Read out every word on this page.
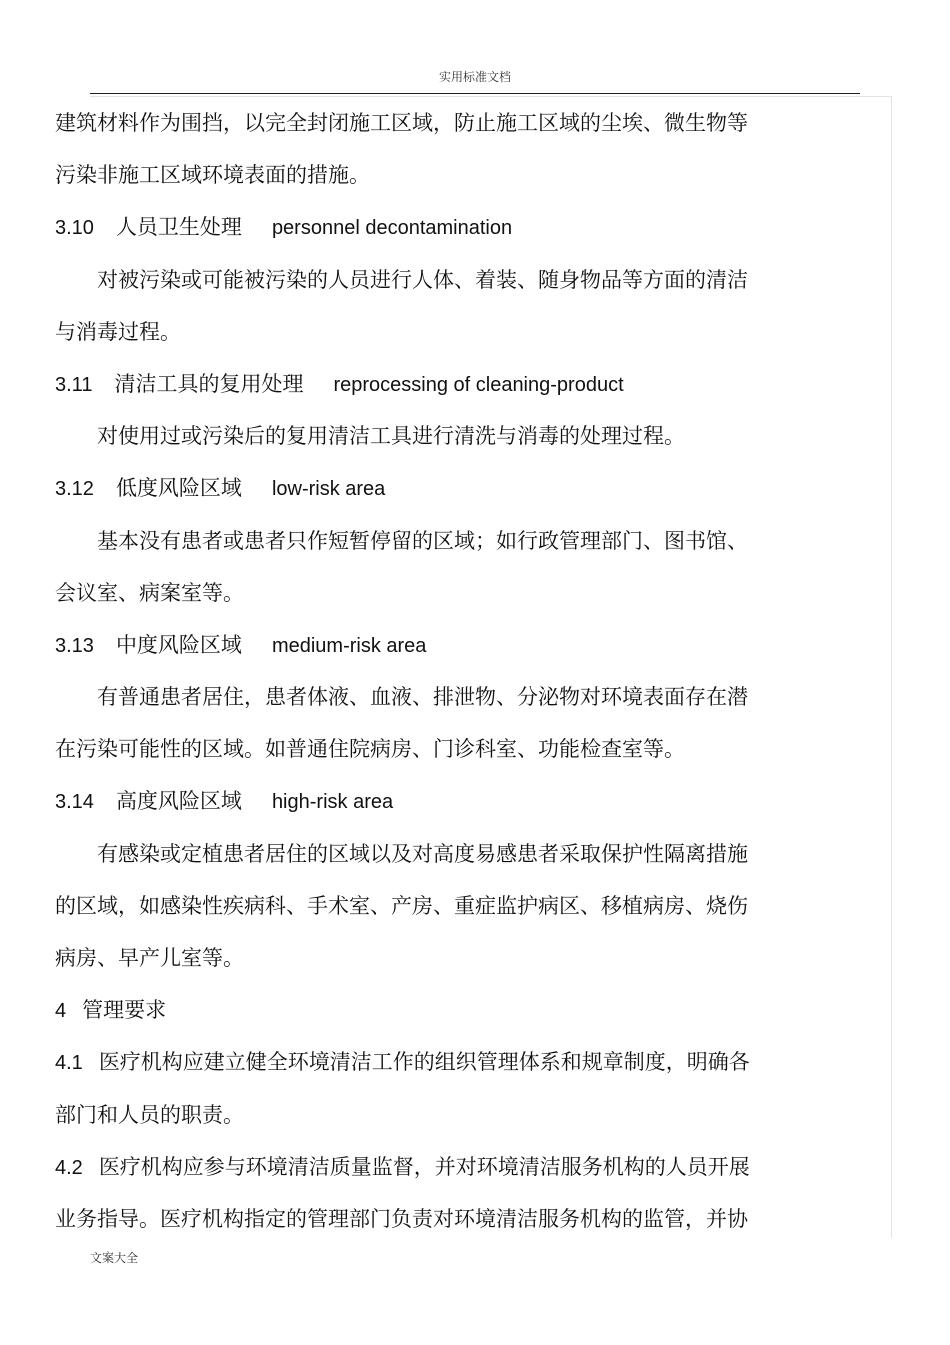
实用标准文档
建筑材料作为围挡，以完全封闭施工区域，防止施工区域的尘埃、微生物等
污染非施工区域环境表面的措施。
3.10 人员卫生处理 personnel decontamination
对被污染或可能被污染的人员进行人体、着装、随身物品等方面的清洁
与消毒过程。
3.11 清洁工具的复用处理 reprocessing of cleaning-product
对使用过或污染后的复用清洁工具进行清洗与消毒的处理过程。
3.12 低度风险区域 low-risk area
基本没有患者或患者只作短暂停留的区域；如行政管理部门、图书馆、
会议室、病案室等。
3.13 中度风险区域 medium-risk area
有普通患者居住，患者体液、血液、排泄物、分泌物对环境表面存在潜
在污染可能性的区域。如普通住院病房、门诊科室、功能检查室等。
3.14 高度风险区域 high-risk area
有感染或定植患者居住的区域以及对高度易感患者采取保护性隔离措施
的区域，如感染性疾病科、手术室、产房、重症监护病区、移植病房、烧伤
病房、早产儿室等。
4 管理要求
4.1 医疗机构应建立健全环境清洁工作的组织管理体系和规章制度，明确各
部门和人员的职责。
4.2 医疗机构应参与环境清洁质量监督，并对环境清洁服务机构的人员开展
业务指导。医疗机构指定的管理部门负责对环境清洁服务机构的监管，并协
文案大全
